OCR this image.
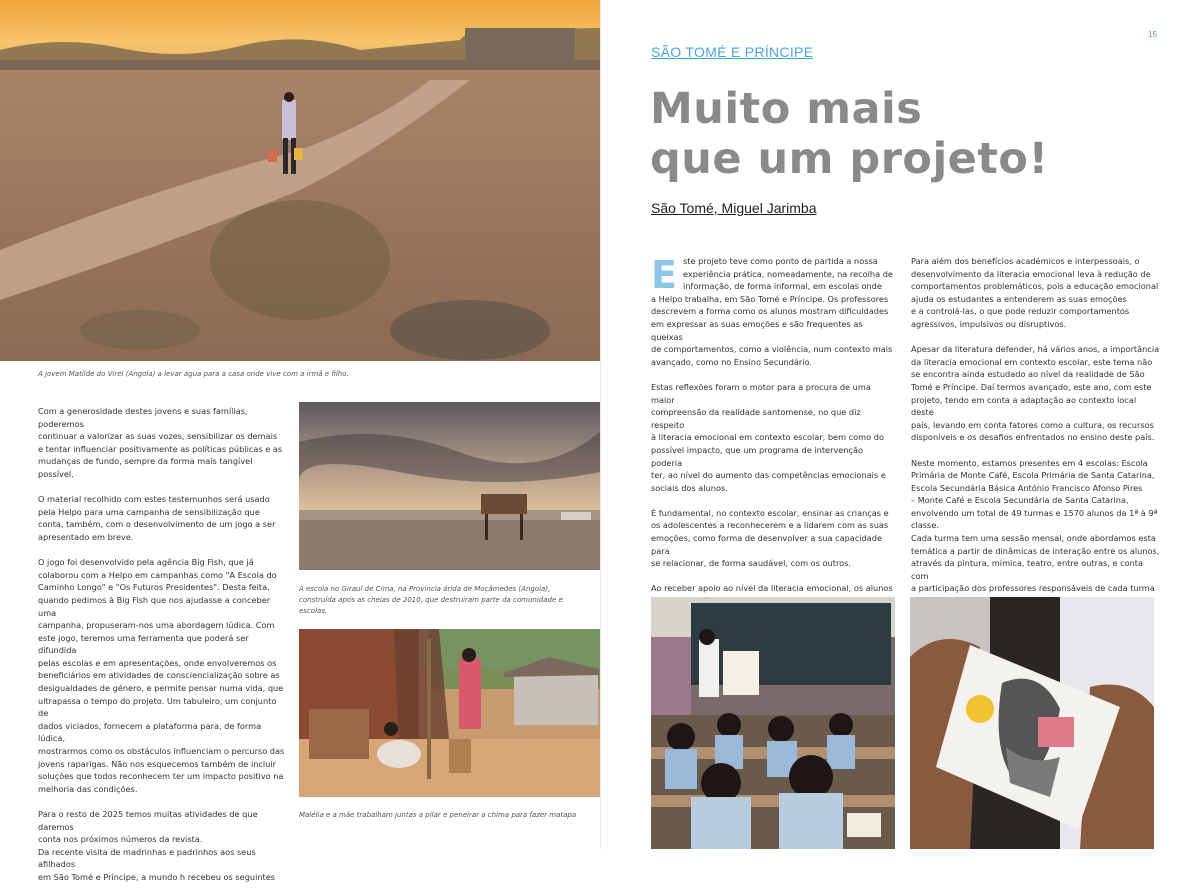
A jovem Matilde do Virei (Angola) a levar água para a casa onde vive com a irmã e filho.
A escola no Giraul de Cima, na Província árida de Moçâmedes (Angola), construída após as cheias de 2010, que destruíram parte da comunidade e escolas.
Malélia e a mãe trabalham juntas a pilar e peneirar a chima para fazer matapa

Com a generosidade destes jovens e suas famílias, poderemos
continuar a valorizar as suas vozes, sensibilizar os demais
e tentar influenciar positivamente as políticas públicas e as
mudanças de fundo, sempre da forma mais tangível possível.

O material recolhido com estes testemunhos será usado
pela Helpo para uma campanha de sensibilização que
conta, também, com o desenvolvimento de um jogo a ser
apresentado em breve.

O jogo foi desenvolvido pela agência Big Fish, que já
colaborou com a Helpo em campanhas como "A Escola do
Caminho Longo" e "Os Futuros Presidentes". Desta feita,
quando pedimos à Big Fish que nos ajudasse a conceber uma
campanha, propuseram-nos uma abordagem lúdica. Com
este jogo, teremos uma ferramenta que poderá ser difundida
pelas escolas e em apresentações, onde envolveremos os
beneficiários em atividades de consciencialização sobre as
desigualdades de género, e permite pensar numa vida, que
ultrapassa o tempo do projeto. Um tabuleiro, um conjunto de
dados viciados, fornecem a plataforma para, de forma lúdica,
mostrarmos como os obstáculos influenciam o percurso das
jovens raparigas. Não nos esquecemos também de incluir
soluções que todos reconhecem ter um impacto positivo na
melhoria das condições.

Para o resto de 2025 temos muitas atividades de que daremos
conta nos próximos números da revista.
Da recente visita de madrinhas e padrinhos aos seus afilhados
em São Tomé e Príncipe, a mundo h recebeu os seguintes

15
SÃO TOMÉ E PRÍNCIPE
Muito mais
que um projeto!
São Tomé, Miguel Jarimba

Este projeto teve como ponto de partida a nossa
experiência prática, nomeadamente, na recolha de
informação, de forma informal, em escolas onde
a Helpo trabalha, em São Tomé e Príncipe. Os professores
descrevem a forma como os alunos mostram dificuldades
em expressar as suas emoções e são frequentes as queixas
de comportamentos, como a violência, num contexto mais
avançado, como no Ensino Secundário.

Estas reflexões foram o motor para a procura de uma maior
compreensão da realidade santomense, no que diz respeito
à literacia emocional em contexto escolar, bem como do
possível impacto, que um programa de intervenção poderia
ter, ao nível do aumento das competências emocionais e
sociais dos alunos.

É fundamental, no contexto escolar, ensinar as crianças e
os adolescentes a reconhecerem e a lidarem com as suas
emoções, como forma de desenvolver a sua capacidade para
se relacionar, de forma saudável, com os outros.

Ao receber apoio ao nível da literacia emocional, os alunos

Para além dos benefícios académicos e interpessoais, o
desenvolvimento da literacia emocional leva à redução de
comportamentos problemáticos, pois a educação emocional
ajuda os estudantes a entenderem as suas emoções
e a controlá-las, o que pode reduzir comportamentos
agressivos, impulsivos ou disruptivos.

Apesar da literatura defender, há vários anos, a importância
da literacia emocional em contexto escolar, este tema não
se encontra ainda estudado ao nível da realidade de São
Tomé e Príncipe. Daí termos avançado, este ano, com este
projeto, tendo em conta a adaptação ao contexto local deste
país, levando em conta fatores como a cultura, os recursos
disponíveis e os desafios enfrentados no ensino deste país.

Neste momento, estamos presentes em 4 escolas: Escola
Primária de Monte Café, Escola Primária de Santa Catarina,
Escola Secundária Básica António Francisco Afonso Pires
– Monte Café e Escola Secundária de Santa Catarina,
envolvendo um total de 49 turmas e 1570 alunos da 1ª à 9ª
classe.
Cada turma tem uma sessão mensal, onde abordamos esta
temática a partir de dinâmicas de interação entre os alunos,
através da pintura, mímica, teatro, entre outras, e conta com
a participação dos professores responsáveis de cada turma
